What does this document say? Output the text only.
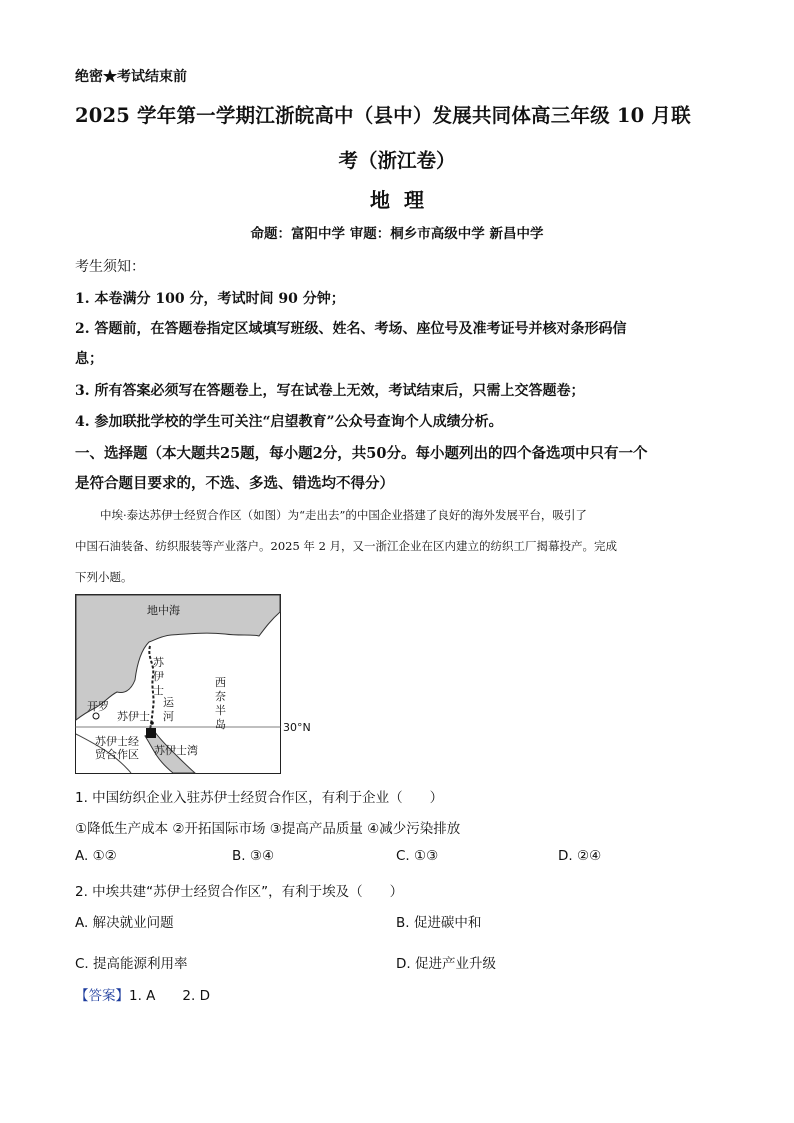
绝密★考试结束前
2025 学年第一学期江浙皖高中（县中）发展共同体高三年级 10 月联
考（浙江卷）
地理
命题：富阳中学 审题：桐乡市高级中学 新昌中学
考生须知：
1. 本卷满分 100 分，考试时间 90 分钟；
2. 答题前，在答题卷指定区域填写班级、姓名、考场、座位号及准考证号并核对条形码信
息；
3. 所有答案必须写在答题卷上，写在试卷上无效，考试结束后，只需上交答题卷；
4. 参加联批学校的学生可关注“启望教育”公众号查询个人成绩分析。
一、选择题（本大题共25题，每小题2分，共50分。每小题列出的四个备选项中只有一个
是符合题目要求的，不选、多选、错选均不得分）
中埃·泰达苏伊士经贸合作区（如图）为“走出去”的中国企业搭建了良好的海外发展平台，吸引了
中国石油装备、纺织服装等产业落户。2025 年 2 月，又一浙江企业在区内建立的纺织工厂揭幕投产。完成
下列小题。
地中海
苏
伊
士
运
河
西
奈
半
岛
开罗
苏伊士
苏伊士经
贸合作区 苏伊士湾
30°N
1. 中国纺织企业入驻苏伊士经贸合作区，有利于企业（　　）
①降低生产成本 ②开拓国际市场 ③提高产品质量 ④减少污染排放
A. ①②	B. ③④	C. ①③	D. ②④
2. 中埃共建“苏伊士经贸合作区”，有利于埃及（　　）
A. 解决就业问题	B. 促进碳中和
C. 提高能源利用率	D. 促进产业升级
【答案】1. A　　2. D
